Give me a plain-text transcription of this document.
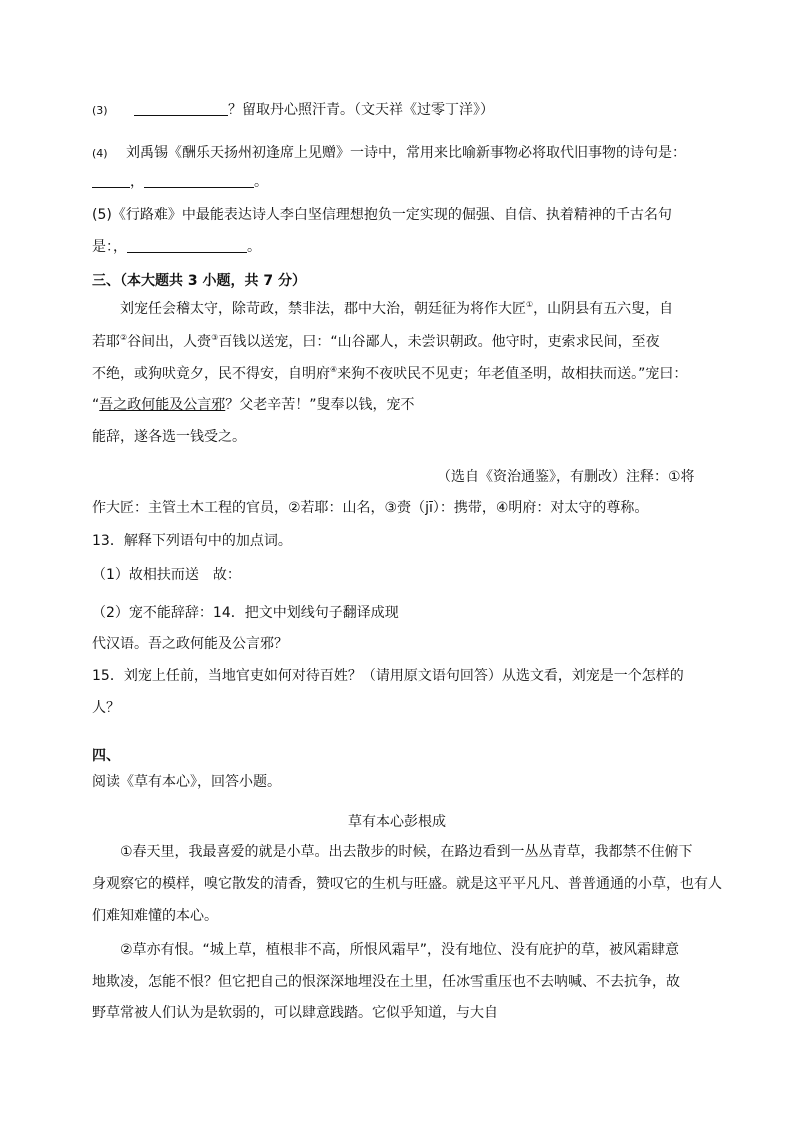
(3)	？留取丹心照汗青。（文天祥《过零丁洋》）
(4) 刘禹锡《酬乐天扬州初逢席上见赠》一诗中，常用来比喻新事物必将取代旧事物的诗句是：
，	。
(5)《行路难》中最能表达诗人李白坚信理想抱负一定实现的倔强、自信、执着精神的千古名句
是：，	。
三、（本大题共 3 小题，共 7 分）
刘宠任会稽太守，除苛政，禁非法，郡中大治，朝廷征为将作大匠①，山阴县有五六叟，自
若耶②谷间出，人赍③百钱以送宠，曰：“山谷鄙人，未尝识朝政。他守时，吏索求民间，至夜
不绝，或狗吠竟夕，民不得安，自明府④来狗不夜吠民不见吏；年老值圣明，故相扶而送。”宠曰：
“吾之政何能及公言邪？父老辛苦！”叟奉以钱，宠不
能辞，遂各选一钱受之。
（选自《资治通鉴》，有删改）注释：①将
作大匠：主管土木工程的官员，②若耶：山名，③赍（jī）：携带，④明府：对太守的尊称。
13．解释下列语句中的加点词。
（1）故相扶而送　故：
（2）宠不能辞辞：14．把文中划线句子翻译成现
代汉语。吾之政何能及公言邪？
15．刘宠上任前，当地官吏如何对待百姓？（请用原文语句回答）从选文看，刘宠是一个怎样的
人？
四、
阅读《草有本心》，回答小题。
草有本心彭根成
①春天里，我最喜爱的就是小草。出去散步的时候，在路边看到一丛丛青草，我都禁不住俯下
身观察它的模样，嗅它散发的清香，赞叹它的生机与旺盛。就是这平平凡凡、普普通通的小草，也有人
们难知难懂的本心。
②草亦有恨。“城上草，植根非不高，所恨风霜早”，没有地位、没有庇护的草，被风霜肆意
地欺凌，怎能不恨？但它把自己的恨深深地埋没在土里，任冰雪重压也不去呐喊、不去抗争，故
野草常被人们认为是软弱的，可以肆意践踏。它似乎知道，与大自
